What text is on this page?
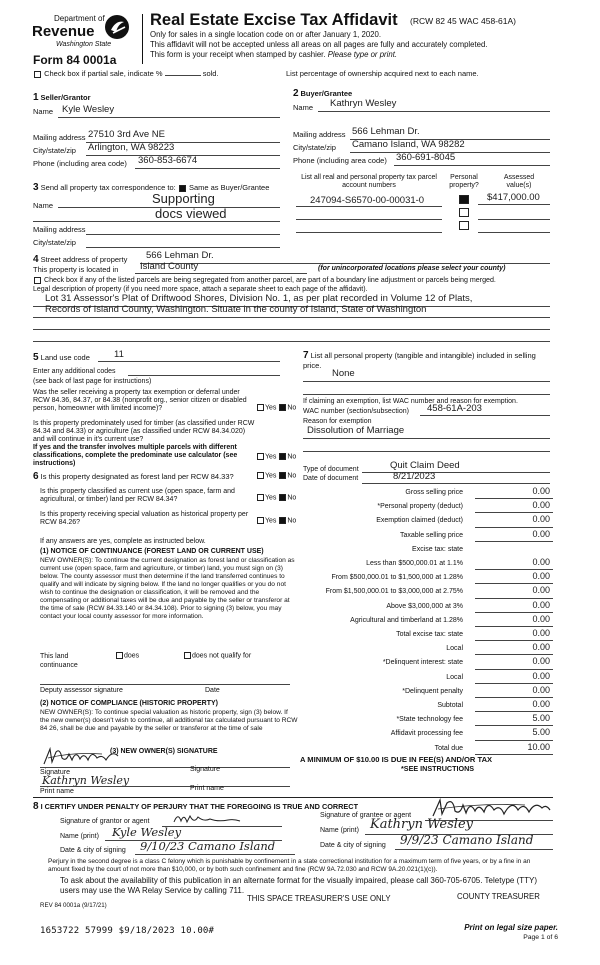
Department of
Revenue
Washington State
Form 84 0001a
Real Estate Excise Tax Affidavit (RCW 82 45 WAC 458-61A)
Only for sales in a single location code on or after January 1, 2020.
This affidavit will not be accepted unless all areas on all pages are fully and accurately completed.
This form is your receipt when stamped by cashier. Please type or print.
Check box if partial sale, indicate %	sold.	List percentage of ownership acquired next to each name.
1 Seller/Grantor
Name Kyle Wesley
Mailing address 27510 3rd Ave NE
City/state/zip Arlington, WA 98223
Phone (including area code) 360-853-6674
2 Buyer/Grantee
Name Kathryn Wesley
Mailing address 566 Lehman Dr.
City/state/zip Camano Island, WA 98282
Phone (including area code) 360-691-8045
3 Send all property tax correspondence to: Same as Buyer/Grantee
Name	Supporting
docs viewed
Mailing address
City/state/zip
List all real and personal property tax parcel account numbers
Personal property?
Assessed value(s)
247094-S6570-00-00031-0	$417,000.00
4 Street address of property 566 Lehman Dr.
This property is located in Island County	(for unincorporated locations please select your county)
Check box if any of the listed parcels are being segregated from another parcel, are part of a boundary line adjustment or parcels being merged.
Legal description of property (if you need more space, attach a separate sheet to each page of the affidavit).
Lot 31 Assessor's Plat of Driftwood Shores, Division No. 1, as per plat recorded in Volume 12 of Plats,
Records of Island County, Washington. Situate in the county of Island, State of Washington
5 Land use code	11
Enter any additional codes
(see back of last page for instructions)
Was the seller receiving a property tax exemption or deferral under RCW 84.36, 84.37, or 84.38 (nonprofit org., senior citizen or disabled person, homeowner with limited income)?	Yes No
Is this property predominately used for timber (as classified under RCW 84.34 and 84.33) or agriculture (as classified under RCW 84.34.020) and will continue in it's current use?
If yes and the transfer involves multiple parcels with different classifications, complete the predominate use calculator (see instructions)
Yes No
6 Is this property designated as forest land per RCW 84.33?	Yes No
Is this property classified as current use (open space, farm and agricultural, or timber) land per RCW 84.34?	Yes No
Is this property receiving special valuation as historical property per RCW 84.26?	Yes No
If any answers are yes, complete as instructed below.
(1) NOTICE OF CONTINUANCE (FOREST LAND OR CURRENT USE)
NEW OWNER(S): To continue the current designation as forest land or classification as current use (open space, farm and agriculture, or timber) land, you must sign on (3) below. The county assessor must then determine if the land transferred continues to qualify and will indicate by signing below. If the land no longer qualifies or you do not wish to continue the designation or classification, it will be removed and the compensating or additional taxes will be due and payable by the seller or transferor at the time of sale (RCW 84.33.140 or 84.34.108). Prior to signing (3) below, you may contact your local county assessor for more information.
This land
continuance
does	does not qualify for
Deputy assessor signature	Date
(2) NOTICE OF COMPLIANCE (HISTORIC PROPERTY)
NEW OWNER(S): To continue special valuation as historic property, sign (3) below. If the new owner(s) doesn't wish to continue, all additional tax calculated pursuant to RCW 84 26, shall be due and payable by the seller or transferor at the time of sale
(3) NEW OWNER(S) SIGNATURE
Signature	Signature
Kathryn Wesley
Print name	Print name
7 List all personal property (tangible and intangible) included in selling price.
None
If claiming an exemption, list WAC number and reason for exemption.
WAC number (section/subsection) 458-61A-203
Reason for exemption
Dissolution of Marriage
Type of document	Quit Claim Deed
Date of document	8/21/2023
Gross selling price	0.00
*Personal property (deduct)	0.00
Exemption claimed (deduct)	0.00
Taxable selling price	0.00
Excise tax: state
Less than $500,000.01 at 1.1%	0.00
From $500,000.01 to $1,500,000 at 1.28%	0.00
From $1,500,000.01 to $3,000,000 at 2.75%	0.00
Above $3,000,000 at 3%	0.00
Agricultural and timberland at 1.28%	0.00
Total excise tax: state	0.00
Local	0.00
*Delinquent interest: state	0.00
Local	0.00
*Delinquent penalty	0.00
Subtotal	0.00
*State technology fee	5.00
Affidavit processing fee	5.00
Total due	10.00
A MINIMUM OF $10.00 IS DUE IN FEE(S) AND/OR TAX
*SEE INSTRUCTIONS
8 I CERTIFY UNDER PENALTY OF PERJURY THAT THE FOREGOING IS TRUE AND CORRECT
Signature of grantor or agent
Name (print) Kyle Wesley
Date & city of signing 9/10/23 Camano Island
Signature of grantee or agent
Name (print) Kathryn Wesley
Date & city of signing 9/9/23 Camano Island
Perjury in the second degree is a class C felony which is punishable by confinement in a state correctional institution for a maximum term of five years, or by a fine in an amount fixed by the court of not more than $10,000, or by both such confinement and fine (RCW 9A.72.030 and RCW 9A.20.021(1)(c)).
To ask about the availability of this publication in an alternate format for the visually impaired, please call 360-705-6705. Teletype (TTY) users may use the WA Relay Service by calling 711.
REV 84 0001a (9/17/21)
THIS SPACE TREASURER'S USE ONLY	COUNTY TREASURER
1653722 57999 $9/18/2023 10.00#	Print on legal size paper.
Page 1 of 6
